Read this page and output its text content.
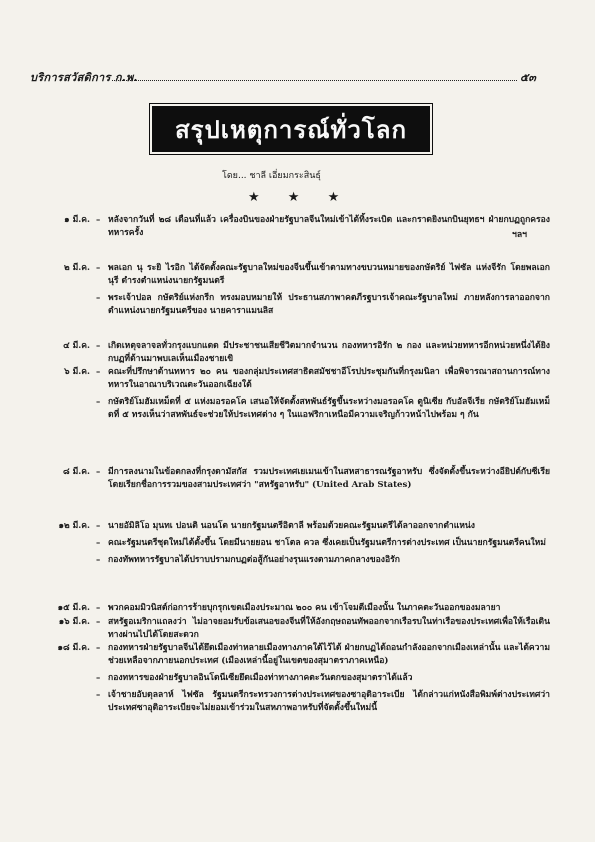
บริการสวัสดิการ ก.พ.	๕๓
สรุปเหตุการณ์ทั่วโลก
โดย... ชาลี เอี่ยมกระสินธุ์
★ ★ ★
๑ มี.ค. – หลังจากวันที่ ๒๘ เดือนที่แล้ว เครื่องบินของฝ่ายรัฐบาลจีนใหม่เข้าได้ทิ้งระเบิด และกราดยิงนกบินยุทธฯ ฝ่ายกบฏถูกครองทหารครั้ง	ฯลฯ
๒ มี.ค. – พลเอก นุ ระยิ ไรอิก ได้จัดตั้งคณะรัฐบาลใหม่ของจีนขึ้นเข้าตามทางขบวนหมายของกษัตริย์ ไฟซัล แห่งจีรัก โดยพลเอก นุรี ดำรงตำแหน่งนายกรัฐมนตรี
– พระเจ้าปอล กษัตริย์แห่งกรีก ทรงมอบหมายให้ ประธานสภาพาคตภีรฐบารเจ้าคณะรัฐบาลใหม่ ภายหลังการลาออกจากตำแหน่งนายกรัฐมนตรีของ นายคาราแมนลิส
๔ มี.ค. – เกิดเหตุจลาจลทั่วกรุงแบกแดด มีประชาชนเสียชีวิตมากจำนวน กองทหารอิรัก ๒ กอง และหน่วยทหารอีกหน่วยหนึ่งได้ยิงกบฏที่ด้านมาพบเลเห็นเมืองชายเขิ
๖ มี.ค. – คณะที่ปรึกษาด้านทหาร ๒๐ คน ของกลุ่มประเทศสาธิตสมัชชาอีโรปประชุมกันที่กรุงมนิลา เพื่อพิจารณาสถานการณ์ทางทหารในอาณาบริเวณตะวันออกเฉียงใต้
– กษัตริย์โมฮัมเหม็ดที่ ๕ แห่งมอรอคโค เสนอให้จัดตั้งสหพันธ์รัฐขึ้นระหว่างมอรอคโค ตูนิเซีย กับอัลจีเรีย กษัตริย์โมฮัมเหม็ดที่ ๕ ทรงเห็นว่าสหพันธ์จะช่วยให้ประเทศต่าง ๆ ในแอฟริกาเหนือมีความเจริญก้าวหน้าไปพร้อม ๆ กัน
๘ มี.ค. – มีการลงนามในข้อตกลงที่กรุงดามัสกัส รวมประเทศเยเมนเข้าในสหสาธารณรัฐอาหรับ ซึ่งจัดตั้งขึ้นระหว่างอียิปต์กับซีเรีย โดยเรียกชื่อการรวมของสามประเทศว่า "สหรัฐอาหรับ" (United Arab States)
๑๒ มี.ค. – นายอัมิลิโอ มุนทเ ปอนติ นอนโต นายกรัฐมนตรีอิตาลี พร้อมด้วยคณะรัฐมนตรีได้ลาออกจากตำแหน่ง
– คณะรัฐมนตรีชุดใหม่ได้ตั้งขึ้น โดยมีนายยอน ชาโตล ควล ซึ่งเคยเป็นรัฐมนตรีการต่างประเทศ เป็นนายกรัฐมนตรีคนใหม่
– กองทัพทหารรัฐบาลได้ปราบปรามกบฏต่อสู้กันอย่างรุนแรงตามภาคกลางของอิรัก
๑๕ มี.ค. – พวกคอมมิวนิสต์ก่อการร้ายบุกรุกเขตเมืองประมาณ ๒๐๐ คน เข้าโจมตีเมืองนั้น ในภาคตะวันออกของมลายา
๑๖ มี.ค. – สหรัฐอเมริกาแถลงว่า ไม่อาจยอมรับข้อเสนอของจีนที่ให้อังกฤษถอนทัพออกจากเรือรบในท่าเรือของประเทศเพื่อให้เรือเดินทางผ่านไปได้โดยสะดวก
๑๘ มี.ค. – กองทหารฝ่ายรัฐบาลจีนได้ยึดเมืองท่าหลายเมืองทางภาคใต้ไว้ได้ ฝ่ายกบฏได้ถอนกำลังออกจากเมืองเหล่านั้น และได้ความช่วยเหลือจากภายนอกประเทศ (เมืองเหล่านี้อยู่ในเขตของสุมาตราภาคเหนือ)
– กองทหารของฝ่ายรัฐบาลอินโดนีเซียยึดเมืองท่าทางภาคตะวันตกของสุมาตราได้แล้ว
– เจ้าชายอับดุลลาห์ ไฟซัล รัฐมนตรีกระทรวงการต่างประเทศของซาอุดิอาระเบีย ได้กล่าวแก่หนังสือพิมพ์ต่างประเทศว่า ประเทศซาอุดิอาระเบียจะไม่ยอมเข้าร่วมในสหภาพอาหรับที่จัดตั้งขึ้นใหม่นี้
